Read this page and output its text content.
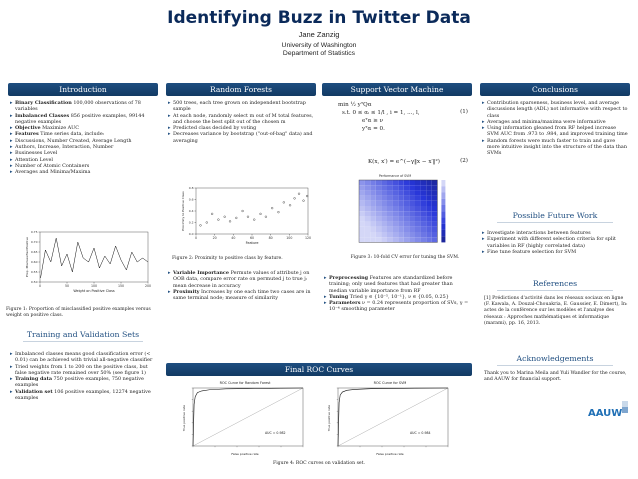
Identifying Buzz in Twitter Data
Jane Zanzig
University of Washington
Department of Statistics
Introduction
▸ Binary Classification 100,000 observations of 78 variables
▸ Imbalanced Classes 856 positive examples, 99144 negative examples
▸ Objective Maximize AUC
▸ Features Time series data, include:
▸ Discussions, Number Created, Average Length
▸ Authors, Increase, Interaction, Number
▸ Businesses Level
▸ Attention Level
▸ Number of Atomic Containers
▸ Averages and Minima/Maxima
0	50	100	150	200
0.50
0.55
0.60
0.65
0.70
0.75
Weight on Positive Class
Prop. Misclassified Positive
Figure 1: Proportion of misclassified positive examples versus weight on positive class.
Training and Validation Sets
▸ Imbalanced classes means good classification error (< 0.01) can be achieved with trivial all-negative classifier
▸ Tried weights from 1 to 200 on the positive class, but false negative rate remained over 50% (see figure 1)
▸ Training data 750 positive examples, 750 negative examples
▸ Validation set 106 positive examples, 12274 negative examples
Random Forests
▸ 500 trees, each tree grown on independent bootstrap sample
▸ At each node, randomly select m out of M total features, and choose the best split out of the chosen m
▸ Predicted class decided by voting
▸ Decreases variance by bootstrap ("out-of-bag" data) and averaging
0	20	40	60	80	100	120
0.0
0.2
0.4
0.6
0.8
Feature
Proximity to Positive Class
Figure 2: Proximity to positive class by feature.
▸ Variable Importance Permute values of attribute j on OOB data, compare error rate on permuted j to true j: mean decrease in accuracy
▸ Proximity Increases by one each time two cases are in same terminal node; measure of similarity
Support Vector Machine
min ½ yᵀQα
s.t. 0 ≤ αᵢ ≤ 1/l , i = 1, ..., l,
eᵀα ≥ ν
yᵀα = 0.
(1)
K(x, x′) = e^(−γ‖x − x′‖²)	(2)
Performance of SVM
Figure 3: 10-fold CV error for tuning the SVM.
▸ Preprocessing Features are standardized before training; only used features that had greater than median variable importance from RF
▸ Tuning Tried γ ∈ {10⁻⁵, 10⁻¹}, ν ∈ {0.05, 0.25}
▸ Parameters ν = 0.24 represents proportion of SVs, γ = 10⁻⁴ smoothing parameter
Conclusions
▸ Contribution sparseness, business level, and average discussions length (ADL) not informative with respect to class
▸ Averages and minima/maxima were informative
▸ Using information gleaned from RF helped increase SVM AUC from .973 to .984, and improved training time
▸ Random forests were much faster to train and gave more intuitive insight into the structure of the data than SVMs
Possible Future Work
▸ Investigate interactions between features
▸ Experiment with different selection criteria for split variables in RF (highly correlated data)
▸ Fine tune feature selection for SVM
References
[1] Prédictions d'activité dans les réseaux sociaux en ligne (F. Kawala, A. Douzal-Chouakria, E. Gaussier, E. Dimert), In: actes de la conférence sur les modèles et l'analyse des réseaux : Approches mathématiques et informatique (marami), pp. 16, 2013.
Acknowledgements
Thank you to Marina Meila and Yuli Wandler for the course, and AAUW for financial support.
AAUW
Final ROC Curves
ROC Curve for Random Forest	ROC Curve for SVM
AUC = 0.982	AUC = 0.984
False positive rate	False positive rate
True positive rate	True positive rate
Figure 4: ROC curves on validation set.
